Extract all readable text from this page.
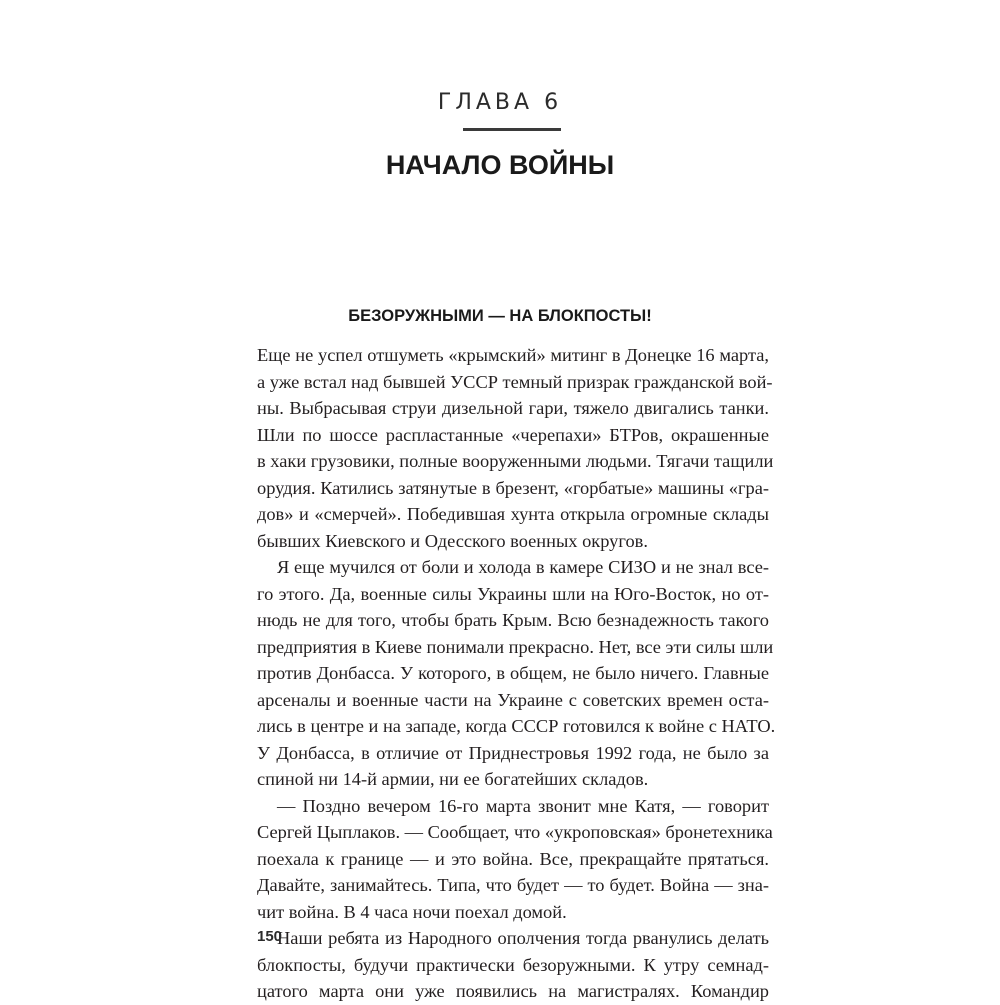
ГЛАВА 6
НАЧАЛО ВОЙНЫ
БЕЗОРУЖНЫМИ — НА БЛОКПОСТЫ!
Еще не успел отшуметь «крымский» митинг в Донецке 16 марта,
а уже встал над бывшей УССР темный призрак гражданской вой-
ны. Выбрасывая струи дизельной гари, тяжело двигались танки.
Шли по шоссе распластанные «черепахи» БТРов, окрашенные
в хаки грузовики, полные вооруженными людьми. Тягачи тащили
орудия. Катились затянутые в брезент, «горбатые» машины «гра-
дов» и «смерчей». Победившая хунта открыла огромные склады
бывших Киевского и Одесского военных округов.
Я еще мучился от боли и холода в камере СИЗО и не знал все-
го этого. Да, военные силы Украины шли на Юго-Восток, но от-
нюдь не для того, чтобы брать Крым. Всю безнадежность такого
предприятия в Киеве понимали прекрасно. Нет, все эти силы шли
против Донбасса. У которого, в общем, не было ничего. Главные
арсеналы и военные части на Украине с советских времен оста-
лись в центре и на западе, когда СССР готовился к войне с НАТО.
У Донбасса, в отличие от Приднестровья 1992 года, не было за
спиной ни 14-й армии, ни ее богатейших складов.
— Поздно вечером 16-го марта звонит мне Катя, — говорит
Сергей Цыплаков. — Сообщает, что «укроповская» бронетехника
поехала к границе — и это война. Все, прекращайте прятаться.
Давайте, занимайтесь. Типа, что будет — то будет. Война — зна-
чит война. В 4 часа ночи поехал домой.
Наши ребята из Народного ополчения тогда рванулись делать
блокпосты, будучи практически безоружными. К утру семнад-
цатого марта они уже появились на магистралях. Командир
150
